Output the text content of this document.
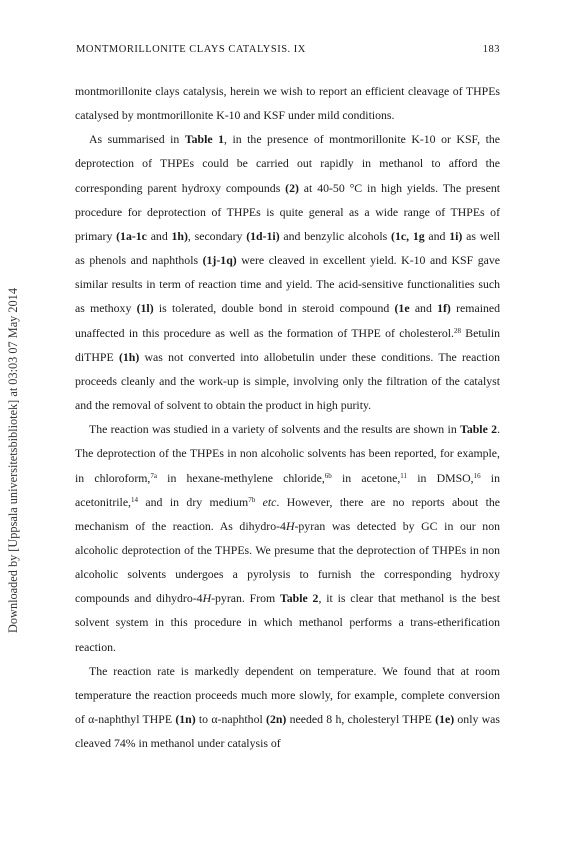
Downloaded by [Uppsala universitetsbibliotek] at 03:03 07 May 2014
MONTMORILLONITE CLAYS CATALYSIS. IX	183

montmorillonite clays catalysis, herein we wish to report an efficient cleavage of THPEs catalysed by montmorillonite K-10 and KSF under mild conditions.

As summarised in Table 1, in the presence of montmorillonite K-10 or KSF, the deprotection of THPEs could be carried out rapidly in methanol to afford the corresponding parent hydroxy compounds (2) at 40-50 °C in high yields. The present procedure for deprotection of THPEs is quite general as a wide range of THPEs of primary (1a-1c and 1h), secondary (1d-1i) and benzylic alcohols (1c, 1g and 1i) as well as phenols and naphthols (1j-1q) were cleaved in excellent yield. K-10 and KSF gave similar results in term of reaction time and yield. The acid-sensitive functionalities such as methoxy (1l) is tolerated, double bond in steroid compound (1e and 1f) remained unaffected in this procedure as well as the formation of THPE of cholesterol.$^{28}$ Betulin diTHPE (1h) was not converted into allobetulin under these conditions. The reaction proceeds cleanly and the work-up is simple, involving only the filtration of the catalyst and the removal of solvent to obtain the product in high purity.

The reaction was studied in a variety of solvents and the results are shown in Table 2. The deprotection of the THPEs in non alcoholic solvents has been reported, for example, in chloroform,$^{7a}$ in hexane-methylene chloride,$^{6b}$ in acetone,$^{11}$ in DMSO,$^{16}$ in acetonitrile,$^{14}$ and in dry medium$^{7b}$ etc. However, there are no reports about the mechanism of the reaction. As dihydro-4H-pyran was detected by GC in our non alcoholic deprotection of the THPEs. We presume that the deprotection of THPEs in non alcoholic solvents undergoes a pyrolysis to furnish the corresponding hydroxy compounds and dihydro-4H-pyran. From Table 2, it is clear that methanol is the best solvent system in this procedure in which methanol performs a trans-etherification reaction.

The reaction rate is markedly dependent on temperature. We found that at room temperature the reaction proceeds much more slowly, for example, complete conversion of α-naphthyl THPE (1n) to α-naphthol (2n) needed 8 h, cholesteryl THPE (1e) only was cleaved 74% in methanol under catalysis of
